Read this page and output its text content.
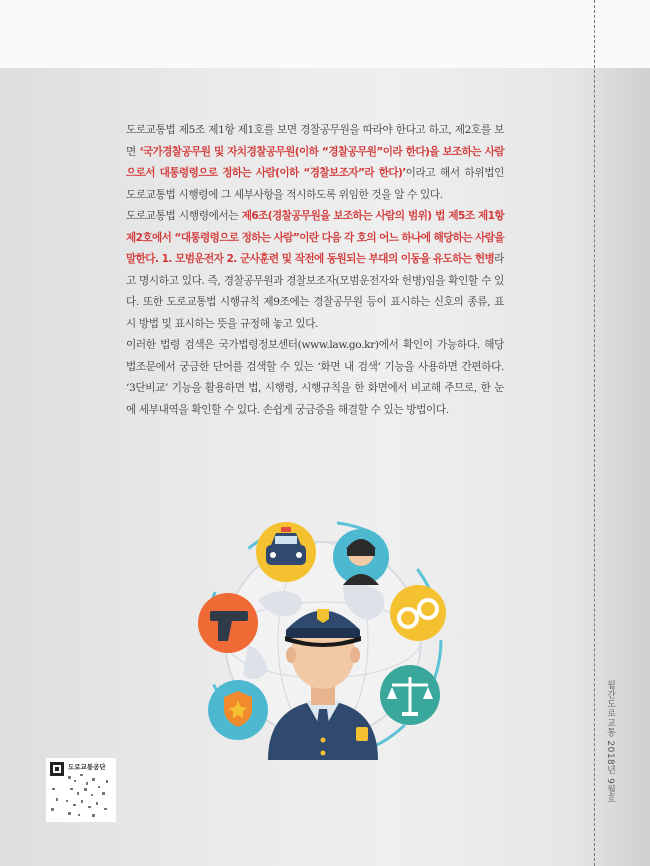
도로교통법 제5조 제1항 제1호를 보면 경찰공무원을 따라야 한다고 하고, 제2호를 보면 ‘국가경찰공무원 및 자치경찰공무원(이하 “경찰공무원”이라 한다)을 보조하는 사람으로서 대통령령으로 정하는 사람(이하 “경찰보조자”라 한다)’이라고 해서 하위법인 도로교통법 시행령에 그 세부사항을 적시하도록 위임한 것을 알 수 있다.

도로교통법 시행령에서는 제6조(경찰공무원을 보조하는 사람의 범위) 법 제5조 제1항 제2호에서 “대통령령으로 정하는 사람”이란 다음 각 호의 어느 하나에 해당하는 사람을 말한다. 1. 모범운전자 2. 군사훈련 및 작전에 동원되는 부대의 이동을 유도하는 헌병라고 명시하고 있다. 즉, 경찰공무원과 경찰보조자(모범운전자와 헌병)임을 확인할 수 있다. 또한 도로교통법 시행규칙 제9조에는 경찰공무원 등이 표시하는 신호의 종류, 표시 방법 및 표시하는 뜻을 규정해 놓고 있다.

이러한 법령 검색은 국가법령정보센터(www.law.go.kr)에서 확인이 가능하다. 해당 법조문에서 궁금한 단어를 검색할 수 있는 ‘화면 내 검색’ 기능을 사용하면 간편하다. ‘3단비교’ 기능을 활용하면 법, 시행령, 시행규칙을 한 화면에서 비교해 주므로, 한 눈에 세부내역을 확인할 수 있다. 손쉽게 궁금증을 해결할 수 있는 방법이다.

도로교통공단	월간도로교통 2018년 9월호
